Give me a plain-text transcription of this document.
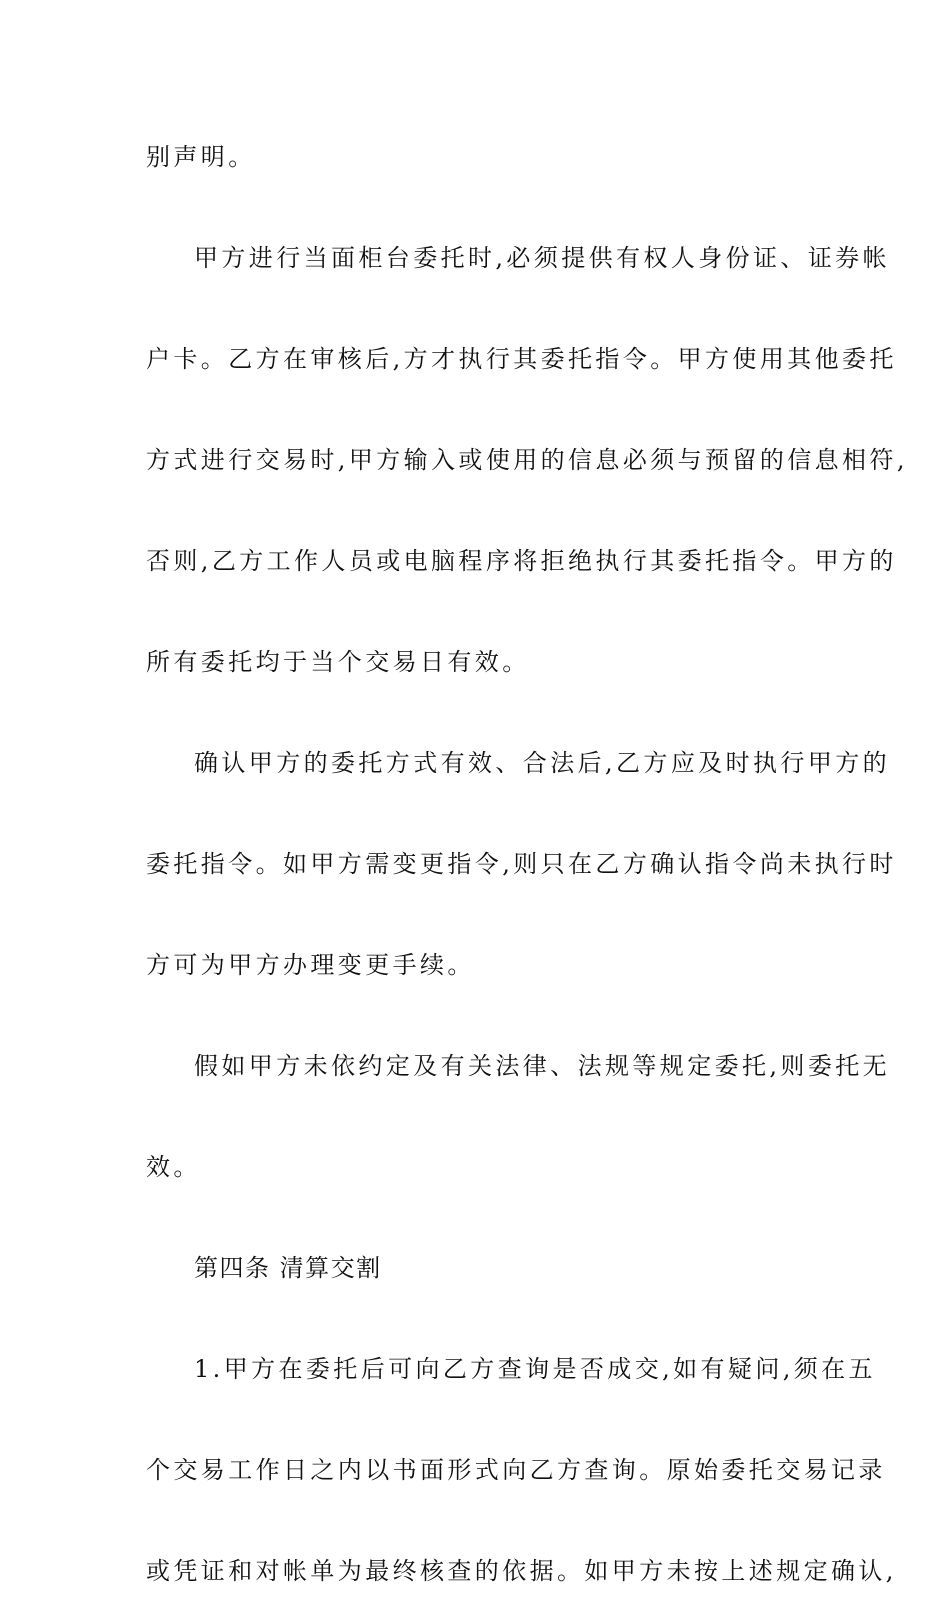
别声明。
甲方进行当面柜台委托时,必须提供有权人身份证、证券帐
户卡。乙方在审核后,方才执行其委托指令。甲方使用其他委托
方式进行交易时,甲方输入或使用的信息必须与预留的信息相符,
否则,乙方工作人员或电脑程序将拒绝执行其委托指令。甲方的
所有委托均于当个交易日有效。
确认甲方的委托方式有效、合法后,乙方应及时执行甲方的
委托指令。如甲方需变更指令,则只在乙方确认指令尚未执行时
方可为甲方办理变更手续。
假如甲方未依约定及有关法律、法规等规定委托,则委托无
效。
第四条 清算交割
1.甲方在委托后可向乙方查询是否成交,如有疑问,须在五
个交易工作日之内以书面形式向乙方查询。原始委托交易记录
或凭证和对帐单为最终核查的依据。如甲方未按上述规定确认,
